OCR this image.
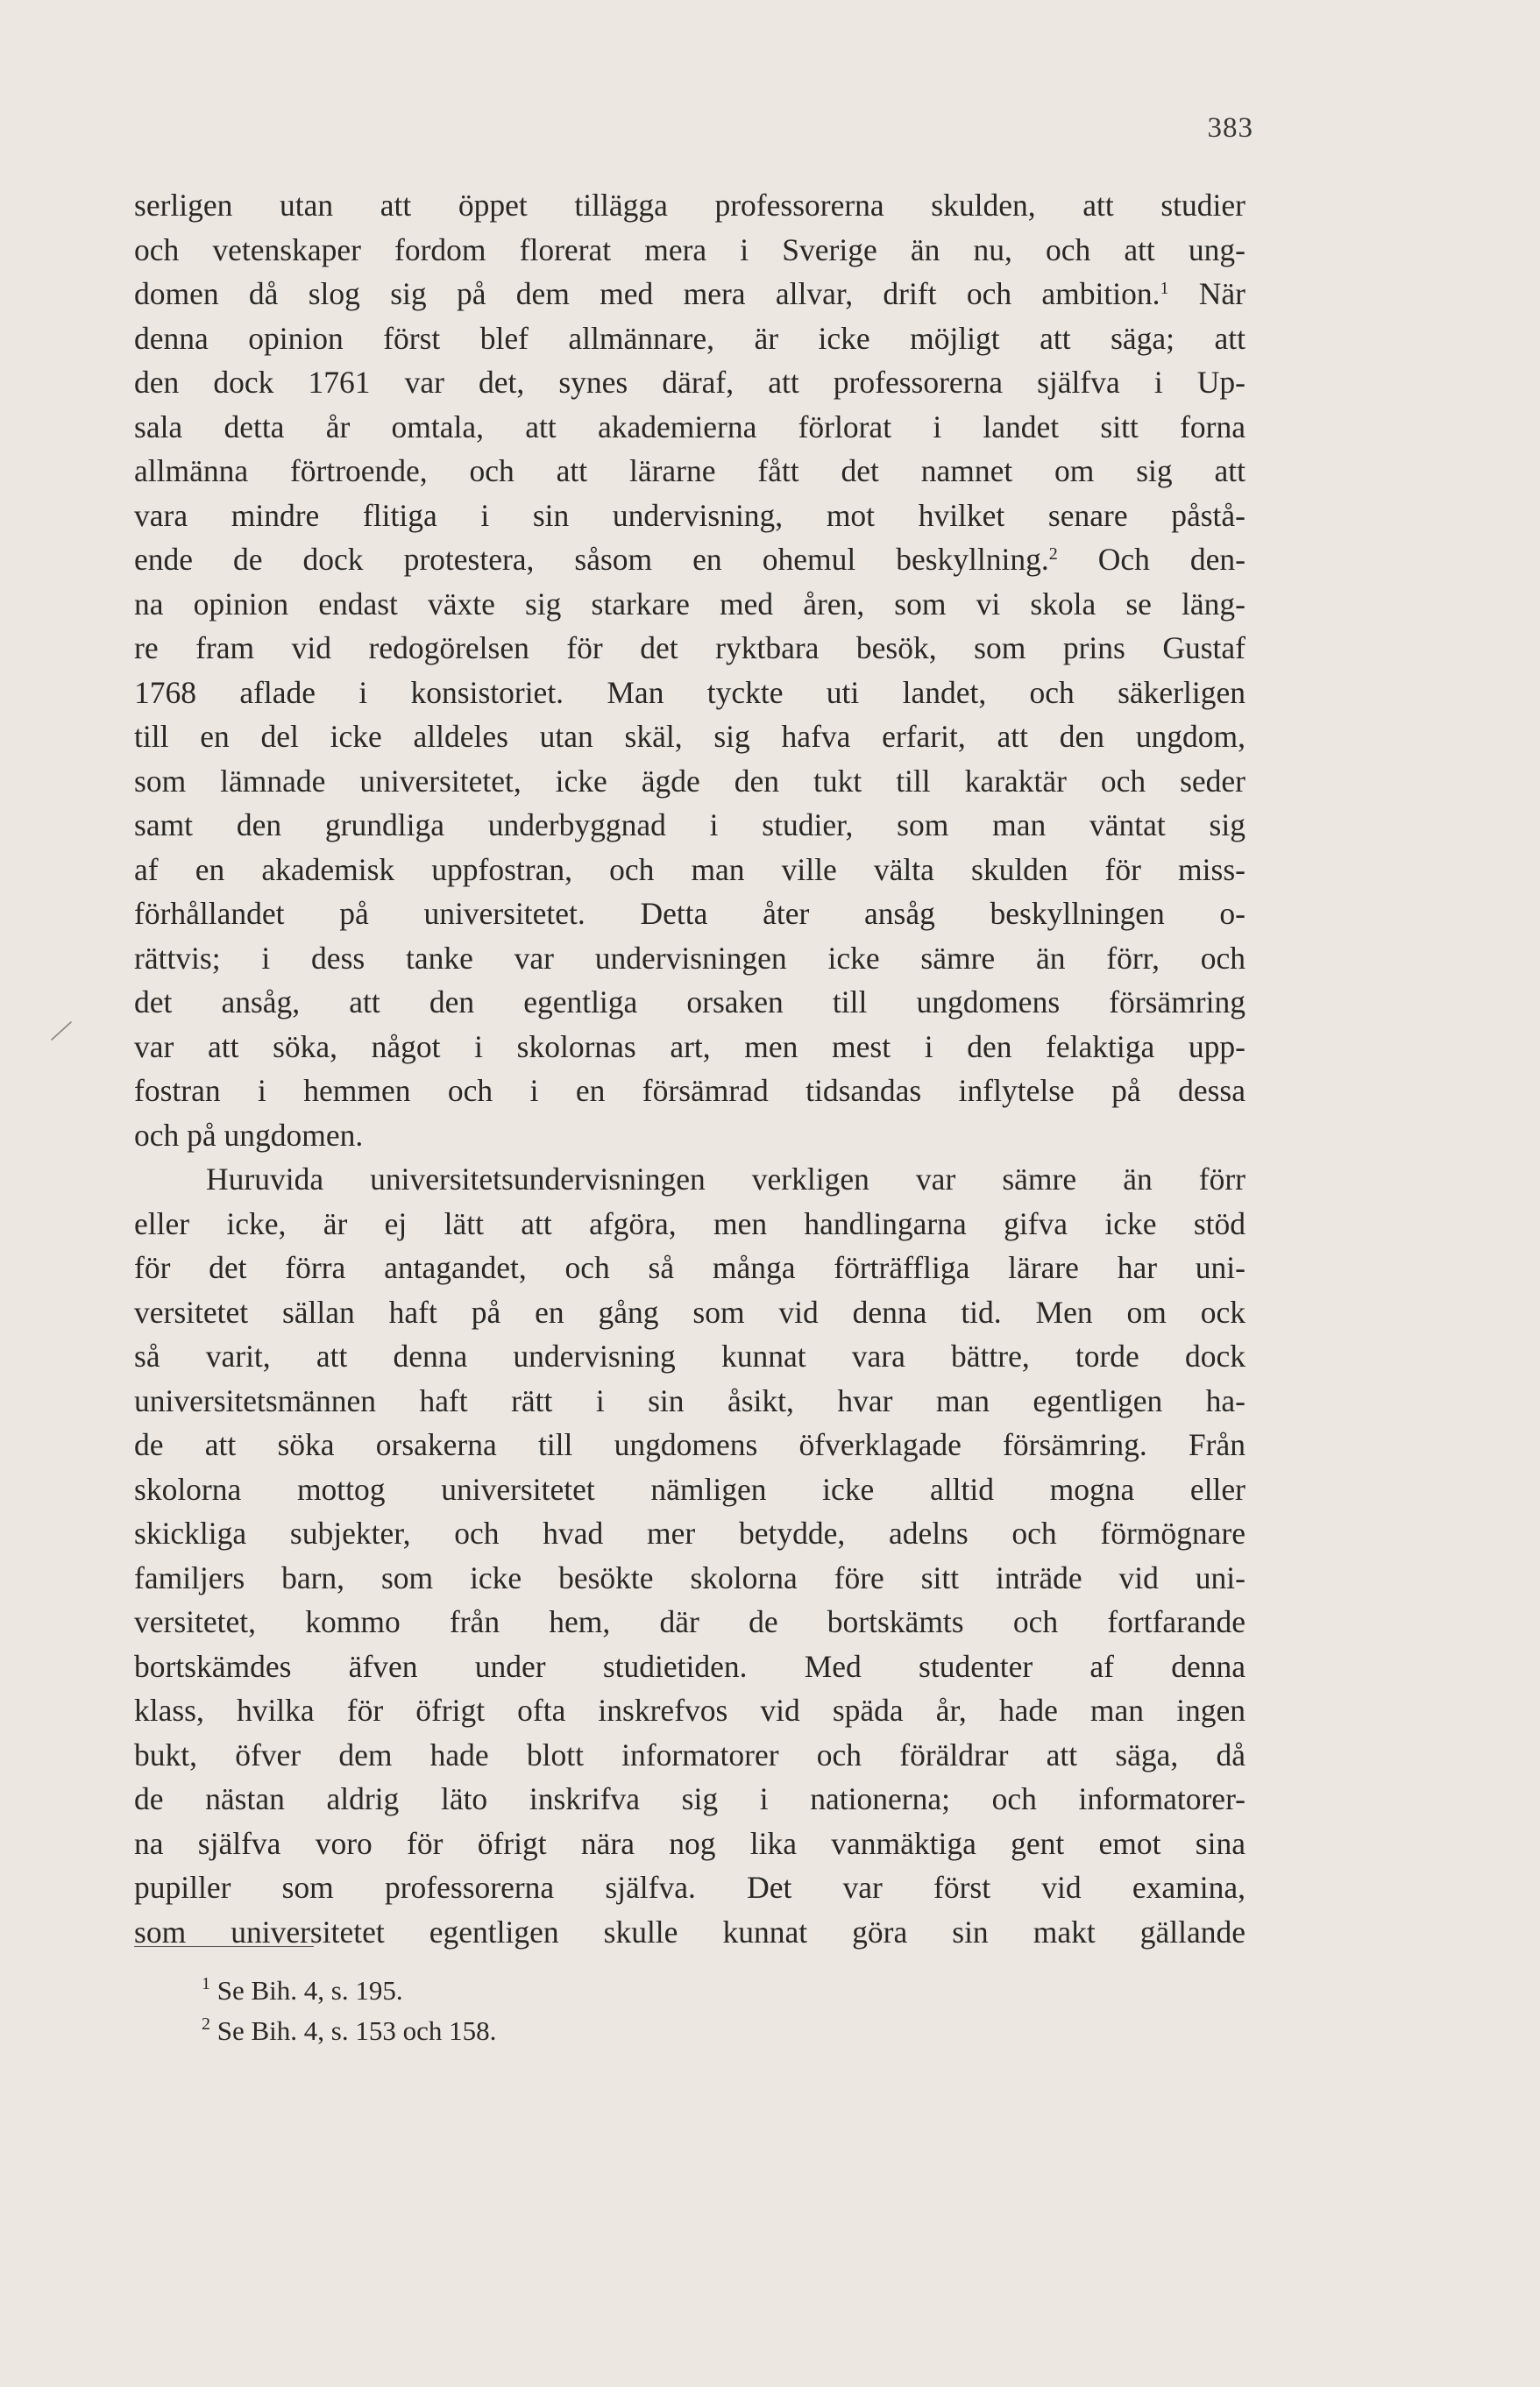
383
serligen utan att öppet tillägga professorerna skulden, att studier
och vetenskaper fordom florerat mera i Sverige än nu, och att ung-
domen då slog sig på dem med mera allvar, drift och ambition.$^1$ När
denna opinion först blef allmännare, är icke möjligt att säga; att
den dock 1761 var det, synes däraf, att professorerna själfva i Up-
sala detta år omtala, att akademierna förlorat i landet sitt forna
allmänna förtroende, och att lärarne fått det namnet om sig att
vara mindre flitiga i sin undervisning, mot hvilket senare påstå-
ende de dock protestera, såsom en ohemul beskyllning.$^2$ Och den-
na opinion endast växte sig starkare med åren, som vi skola se läng-
re fram vid redogörelsen för det ryktbara besök, som prins Gustaf
1768 aflade i konsistoriet. Man tyckte uti landet, och säkerligen
till en del icke alldeles utan skäl, sig hafva erfarit, att den ungdom,
som lämnade universitetet, icke ägde den tukt till karaktär och seder
samt den grundliga underbyggnad i studier, som man väntat sig
af en akademisk uppfostran, och man ville välta skulden för miss-
förhållandet på universitetet. Detta åter ansåg beskyllningen o-
rättvis; i dess tanke var undervisningen icke sämre än förr, och
det ansåg, att den egentliga orsaken till ungdomens försämring
var att söka, något i skolornas art, men mest i den felaktiga upp-
fostran i hemmen och i en försämrad tidsandas inflytelse på dessa
och på ungdomen.
Huruvida universitetsundervisningen verkligen var sämre än förr
eller icke, är ej lätt att afgöra, men handlingarna gifva icke stöd
för det förra antagandet, och så många förträffliga lärare har uni-
versitetet sällan haft på en gång som vid denna tid. Men om ock
så varit, att denna undervisning kunnat vara bättre, torde dock
universitetsmännen haft rätt i sin åsikt, hvar man egentligen ha-
de att söka orsakerna till ungdomens öfverklagade försämring. Från
skolorna mottog universitetet nämligen icke alltid mogna eller
skickliga subjekter, och hvad mer betydde, adelns och förmögnare
familjers barn, som icke besökte skolorna före sitt inträde vid uni-
versitetet, kommo från hem, där de bortskämts och fortfarande
bortskämdes äfven under studietiden. Med studenter af denna
klass, hvilka för öfrigt ofta inskrefvos vid späda år, hade man ingen
bukt, öfver dem hade blott informatorer och föräldrar att säga, då
de nästan aldrig läto inskrifva sig i nationerna; och informatorer-
na själfva voro för öfrigt nära nog lika vanmäktiga gent emot sina
pupiller som professorerna själfva. Det var först vid examina,
som universitetet egentligen skulle kunnat göra sin makt gällande
$^1$ Se Bih. 4, s. 195.
$^2$ Se Bih. 4, s. 153 och 158.
